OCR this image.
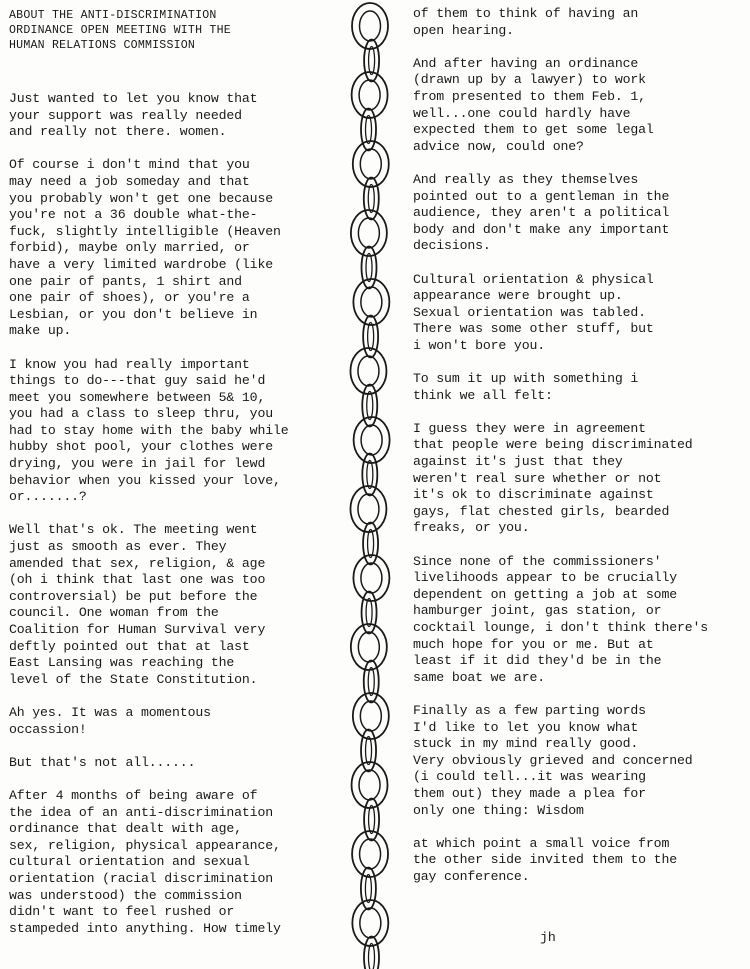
ABOUT THE ANTI-DISCRIMINATION
ORDINANCE OPEN MEETING WITH THE
HUMAN RELATIONS COMMISSION

Just wanted to let you know that
your support was really needed
and really not there. women.

Of course i don't mind that you
may need a job someday and that
you probably won't get one because
you're not a 36 double what-the-
fuck, slightly intelligible (Heaven
forbid), maybe only married, or
have a very limited wardrobe (like
one pair of pants, 1 shirt and
one pair of shoes), or you're a
Lesbian, or you don't believe in
make up.

I know you had really important
things to do---that guy said he'd
meet you somewhere between 5& 10,
you had a class to sleep thru, you
had to stay home with the baby while
hubby shot pool, your clothes were
drying, you were in jail for lewd
behavior when you kissed your love,
or.......?

Well that's ok. The meeting went
just as smooth as ever. They
amended that sex, religion, & age
(oh i think that last one was too
controversial) be put before the
council. One woman from the
Coalition for Human Survival very
deftly pointed out that at last
East Lansing was reaching the
level of the State Constitution.

Ah yes. It was a momentous
occassion!

But that's not all......

After 4 months of being aware of
the idea of an anti-discrimination
ordinance that dealt with age,
sex, religion, physical appearance,
cultural orientation and sexual
orientation (racial discrimination
was understood) the commission
didn't want to feel rushed or
stampeded into anything. How timely

of them to think of having an
open hearing.

And after having an ordinance
(drawn up by a lawyer) to work
from presented to them Feb. 1,
well...one could hardly have
expected them to get some legal
advice now, could one?

And really as they themselves
pointed out to a gentleman in the
audience, they aren't a political
body and don't make any important
decisions.

Cultural orientation & physical
appearance were brought up.
Sexual orientation was tabled.
There was some other stuff, but
i won't bore you.

To sum it up with something i
think we all felt:

I guess they were in agreement
that people were being discriminated
against it's just that they
weren't real sure whether or not
it's ok to discriminate against
gays, flat chested girls, bearded
freaks, or you.

Since none of the commissioners'
livelihoods appear to be crucially
dependent on getting a job at some
hamburger joint, gas station, or
cocktail lounge, i don't think there's
much hope for you or me. But at
least if it did they'd be in the
same boat we are.

Finally as a few parting words
I'd like to let you know what
stuck in my mind really good.
Very obviously grieved and concerned
(i could tell...it was wearing
them out) they made a plea for
only one thing: Wisdom

at which point a small voice from
the other side invited them to the
gay conference.

jh
